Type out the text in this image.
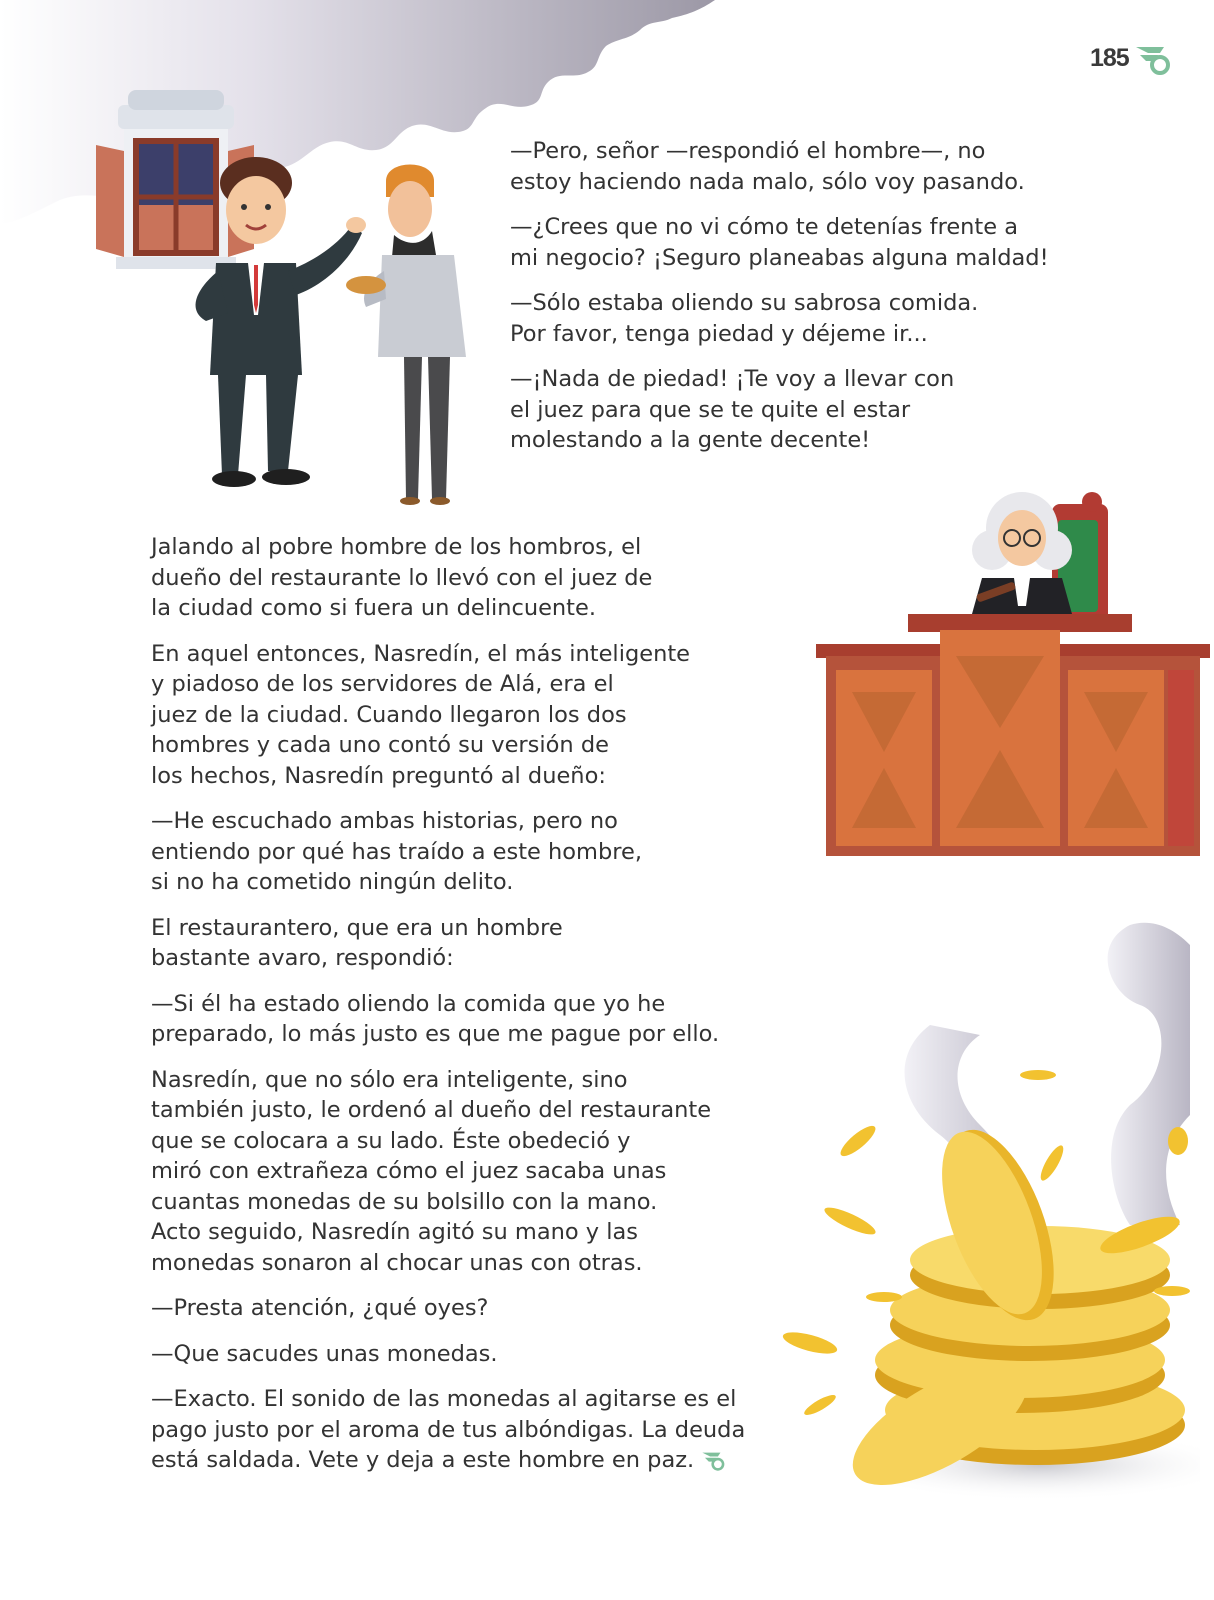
185

—Pero, señor —respondió el hombre—, no
estoy haciendo nada malo, sólo voy pasando.

—¿Crees que no vi cómo te detenías frente a
mi negocio? ¡Seguro planeabas alguna maldad!

—Sólo estaba oliendo su sabrosa comida.
Por favor, tenga piedad y déjeme ir...

—¡Nada de piedad! ¡Te voy a llevar con
el juez para que se te quite el estar
molestando a la gente decente!

Jalando al pobre hombre de los hombros, el
dueño del restaurante lo llevó con el juez de
la ciudad como si fuera un delincuente.

En aquel entonces, Nasredín, el más inteligente
y piadoso de los servidores de Alá, era el
juez de la ciudad. Cuando llegaron los dos
hombres y cada uno contó su versión de
los hechos, Nasredín preguntó al dueño:

—He escuchado ambas historias, pero no
entiendo por qué has traído a este hombre,
si no ha cometido ningún delito.

El restaurantero, que era un hombre
bastante avaro, respondió:

—Si él ha estado oliendo la comida que yo he
preparado, lo más justo es que me pague por ello.

Nasredín, que no sólo era inteligente, sino
también justo, le ordenó al dueño del restaurante
que se colocara a su lado. Éste obedeció y
miró con extrañeza cómo el juez sacaba unas
cuantas monedas de su bolsillo con la mano.
Acto seguido, Nasredín agitó su mano y las
monedas sonaron al chocar unas con otras.

—Presta atención, ¿qué oyes?

—Que sacudes unas monedas.

—Exacto. El sonido de las monedas al agitarse es el
pago justo por el aroma de tus albóndigas. La deuda
está saldada. Vete y deja a este hombre en paz.
